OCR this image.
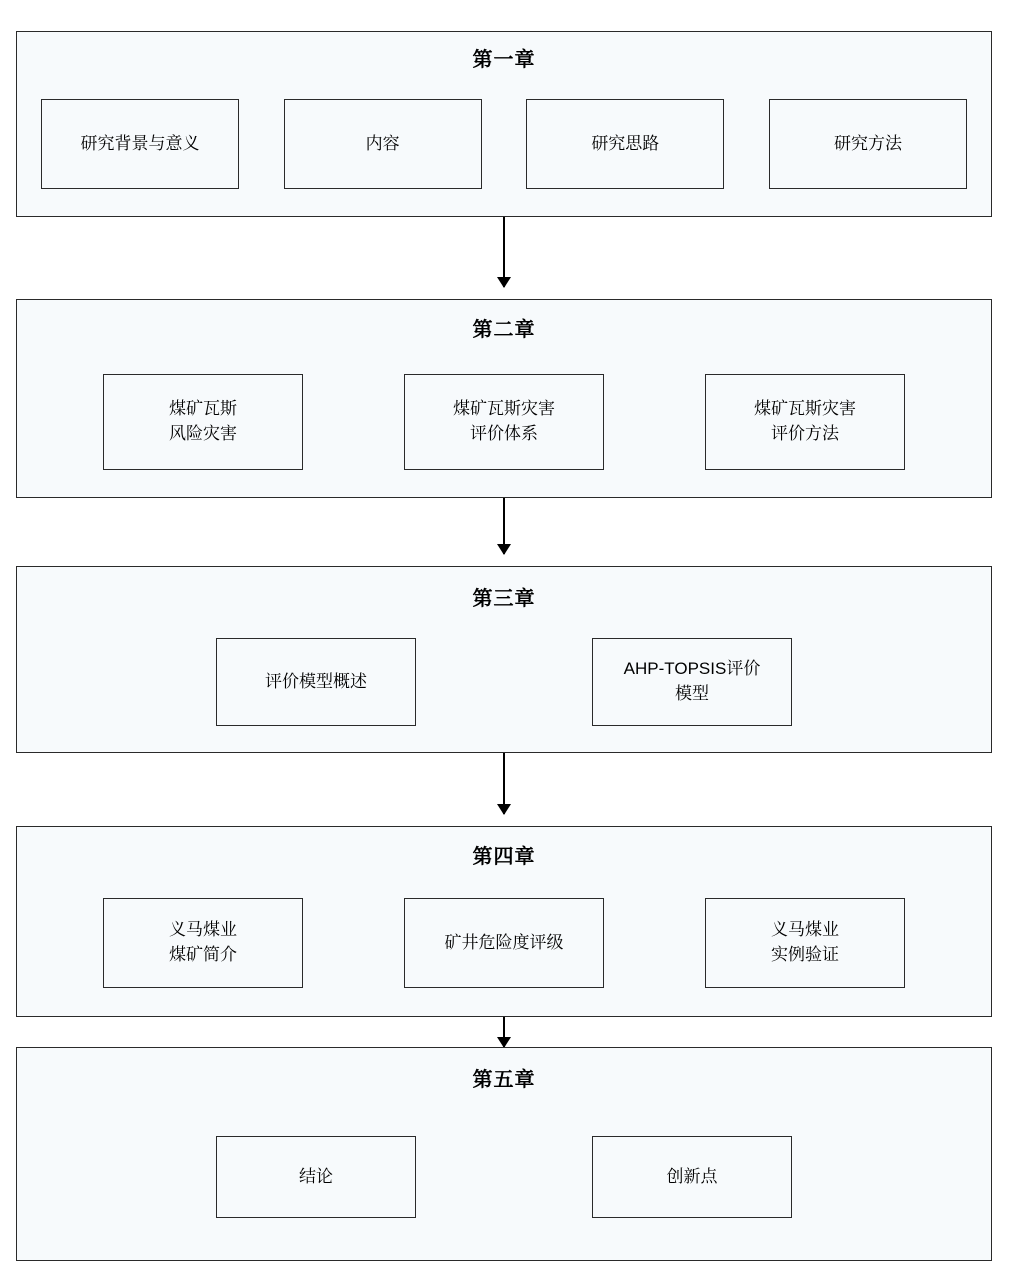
第一章
研究背景与意义	内容	研究思路	研究方法
第二章
煤矿瓦斯
风险灾害
煤矿瓦斯灾害
评价体系
煤矿瓦斯灾害
评价方法
第三章
评价模型概述
AHP-TOPSIS评价
模型
第四章
义马煤业
煤矿简介
矿井危险度评级
义马煤业
实例验证
第五章
结论	创新点
